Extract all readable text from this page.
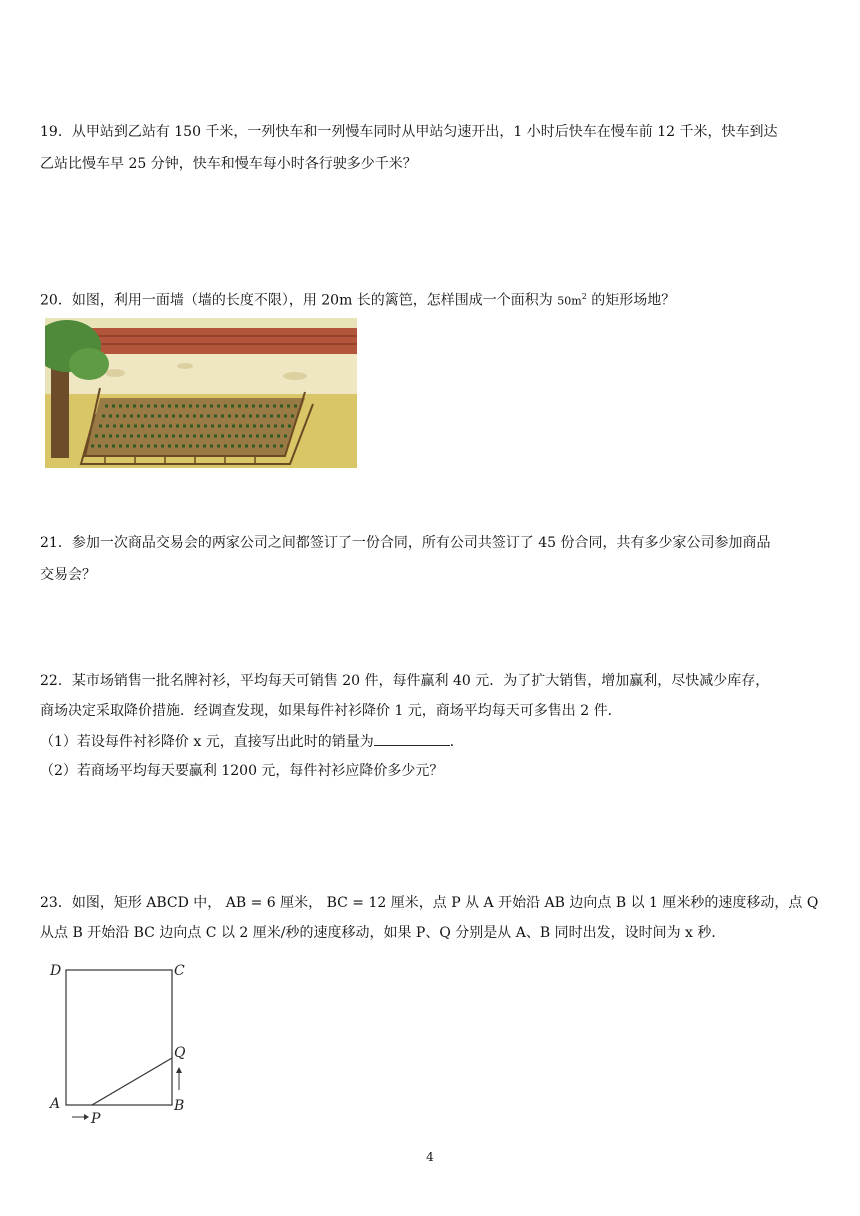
19．从甲站到乙站有 150 千米，一列快车和一列慢车同时从甲站匀速开出，1 小时后快车在慢车前 12 千米，快车到达
乙站比慢车早 25 分钟，快车和慢车每小时各行驶多少千米？
20．如图，利用一面墙（墙的长度不限），用 20m 长的篱笆，怎样围成一个面积为 $50m^2$ 的矩形场地？
21．参加一次商品交易会的两家公司之间都签订了一份合同，所有公司共签订了 45 份合同，共有多少家公司参加商品
交易会？
22．某市场销售一批名牌衬衫，平均每天可销售 20 件，每件赢利 40 元．为了扩大销售，增加赢利，尽快减少库存，
商场决定采取降价措施．经调查发现，如果每件衬衫降价 1 元，商场平均每天可多售出 2 件．
（1）若设每件衬衫降价 x 元，直接写出此时的销量为	．
（2）若商场平均每天要赢利 1200 元，每件衬衫应降价多少元？
23．如图，矩形 ABCD 中， AB = 6 厘米， BC = 12 厘米，点 P 从 A 开始沿 AB 边向点 B 以 1 厘米秒的速度移动，点 Q
从点 B 开始沿 BC 边向点 C 以 2 厘米/秒的速度移动，如果 P、Q 分别是从 A、B 同时出发，设时间为 x 秒．
D	C
Q
A	B
P
4
